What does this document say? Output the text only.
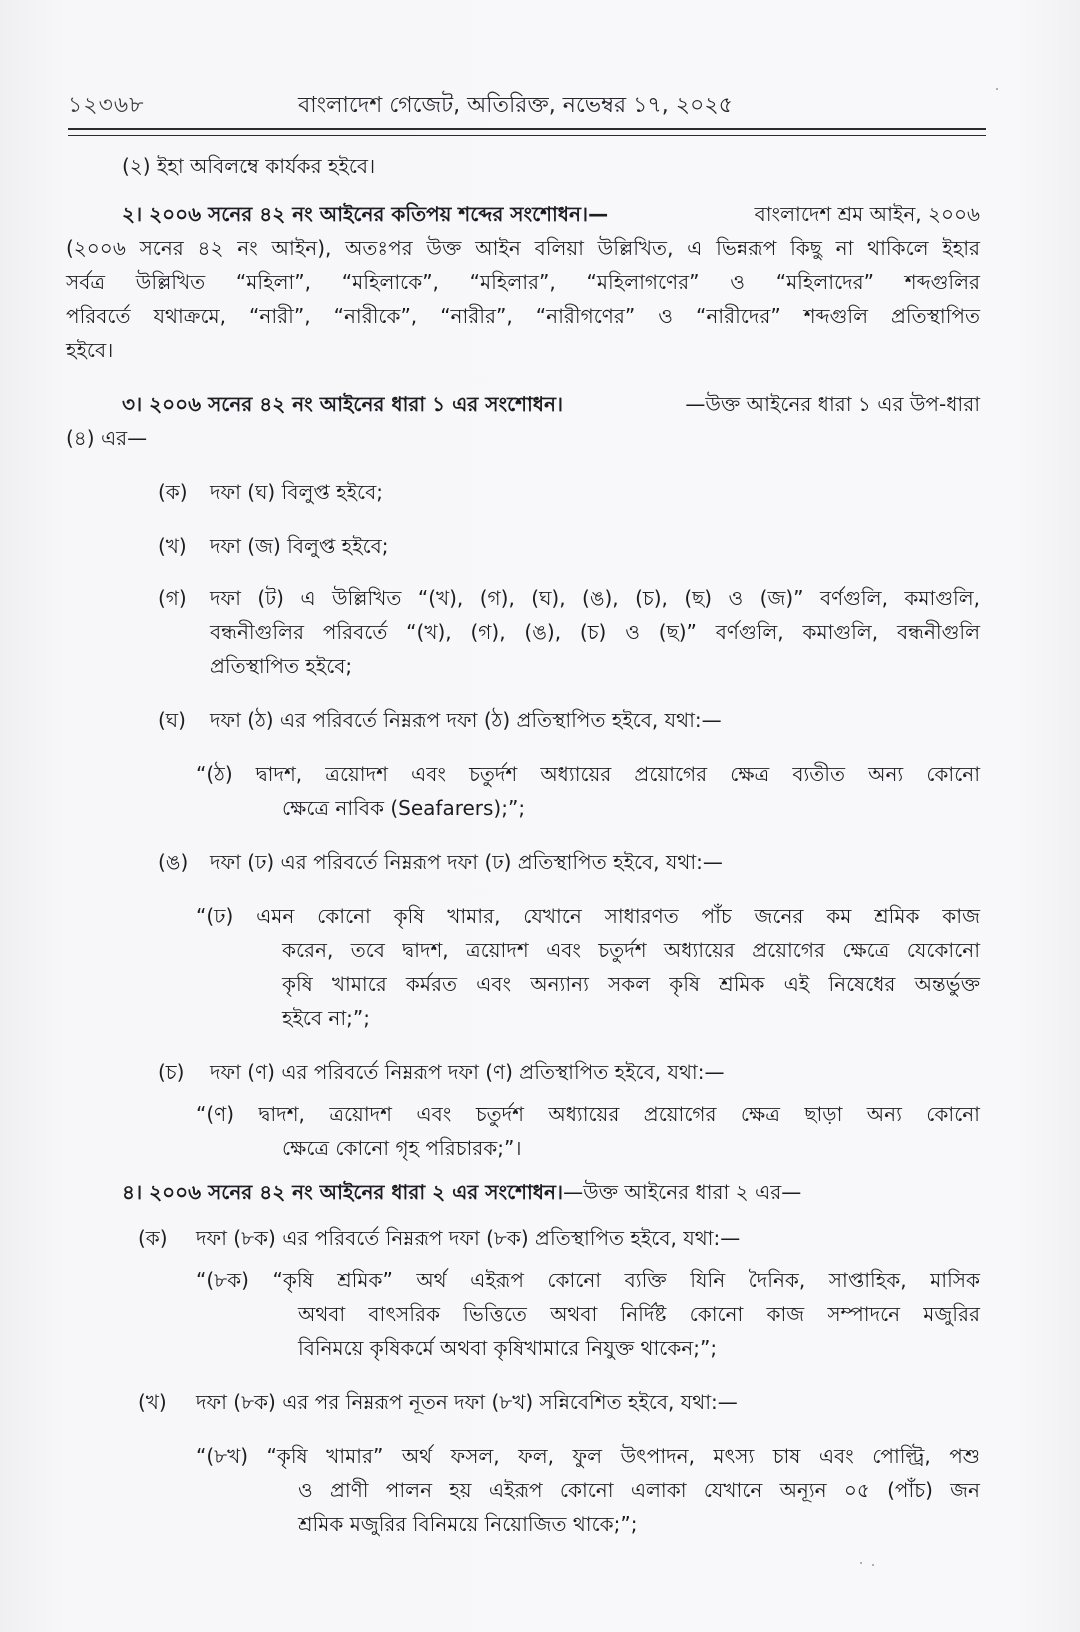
১২৩৬৮	বাংলাদেশ গেজেট, অতিরিক্ত, নভেম্বর ১৭, ২০২৫
(২) ইহা অবিলম্বে কার্যকর হইবে।
২। ২০০৬ সনের ৪২ নং আইনের কতিপয় শব্দের সংশোধন।—	বাংলাদেশ শ্রম আইন, ২০০৬
(২০০৬ সনের ৪২ নং আইন), অতঃপর উক্ত আইন বলিয়া উল্লিখিত, এ ভিন্নরূপ কিছু না থাকিলে ইহার
সর্বত্র উল্লিখিত “মহিলা”, “মহিলাকে”, “মহিলার”, “মহিলাগণের” ও “মহিলাদের” শব্দগুলির
পরিবর্তে যথাক্রমে, “নারী”, “নারীকে”, “নারীর”, “নারীগণের” ও “নারীদের” শব্দগুলি প্রতিস্থাপিত
হইবে।
৩। ২০০৬ সনের ৪২ নং আইনের ধারা ১ এর সংশোধন।	—উক্ত আইনের ধারা ১ এর উপ-ধারা
(৪) এর—
(ক) দফা (ঘ) বিলুপ্ত হইবে;
(খ) দফা (জ) বিলুপ্ত হইবে;
(গ) দফা (ট) এ উল্লিখিত “(খ), (গ), (ঘ), (ঙ), (চ), (ছ) ও (জ)” বর্ণগুলি, কমাগুলি,
বন্ধনীগুলির পরিবর্তে “(খ), (গ), (ঙ), (চ) ও (ছ)” বর্ণগুলি, কমাগুলি, বন্ধনীগুলি
প্রতিস্থাপিত হইবে;
(ঘ) দফা (ঠ) এর পরিবর্তে নিম্নরূপ দফা (ঠ) প্রতিস্থাপিত হইবে, যথা:—
“(ঠ) দ্বাদশ, ত্রয়োদশ এবং চতুর্দশ অধ্যায়ের প্রয়োগের ক্ষেত্র ব্যতীত অন্য কোনো
ক্ষেত্রে নাবিক (Seafarers);”;
(ঙ) দফা (ঢ) এর পরিবর্তে নিম্নরূপ দফা (ঢ) প্রতিস্থাপিত হইবে, যথা:—
“(ঢ) এমন কোনো কৃষি খামার, যেখানে সাধারণত পাঁচ জনের কম শ্রমিক কাজ
করেন, তবে দ্বাদশ, ত্রয়োদশ এবং চতুর্দশ অধ্যায়ের প্রয়োগের ক্ষেত্রে যেকোনো
কৃষি খামারে কর্মরত এবং অন্যান্য সকল কৃষি শ্রমিক এই নিষেধের অন্তর্ভুক্ত
হইবে না;”;
(চ) দফা (ণ) এর পরিবর্তে নিম্নরূপ দফা (ণ) প্রতিস্থাপিত হইবে, যথা:—
“(ণ) দ্বাদশ, ত্রয়োদশ এবং চতুর্দশ অধ্যায়ের প্রয়োগের ক্ষেত্র ছাড়া অন্য কোনো
ক্ষেত্রে কোনো গৃহ পরিচারক;”।
৪। ২০০৬ সনের ৪২ নং আইনের ধারা ২ এর সংশোধন।—উক্ত আইনের ধারা ২ এর—
(ক) দফা (৮ক) এর পরিবর্তে নিম্নরূপ দফা (৮ক) প্রতিস্থাপিত হইবে, যথা:—
“(৮ক) “কৃষি শ্রমিক” অর্থ এইরূপ কোনো ব্যক্তি যিনি দৈনিক, সাপ্তাহিক, মাসিক
অথবা বাৎসরিক ভিত্তিতে অথবা নির্দিষ্ট কোনো কাজ সম্পাদনে মজুরির
বিনিময়ে কৃষিকর্মে অথবা কৃষিখামারে নিযুক্ত থাকেন;”;
(খ) দফা (৮ক) এর পর নিম্নরূপ নূতন দফা (৮খ) সন্নিবেশিত হইবে, যথা:—
“(৮খ) “কৃষি খামার” অর্থ ফসল, ফল, ফুল উৎপাদন, মৎস্য চাষ এবং পোল্ট্রি, পশু
ও প্রাণী পালন হয় এইরূপ কোনো এলাকা যেখানে অন্যূন ০৫ (পাঁচ) জন
শ্রমিক মজুরির বিনিময়ে নিয়োজিত থাকে;”;
